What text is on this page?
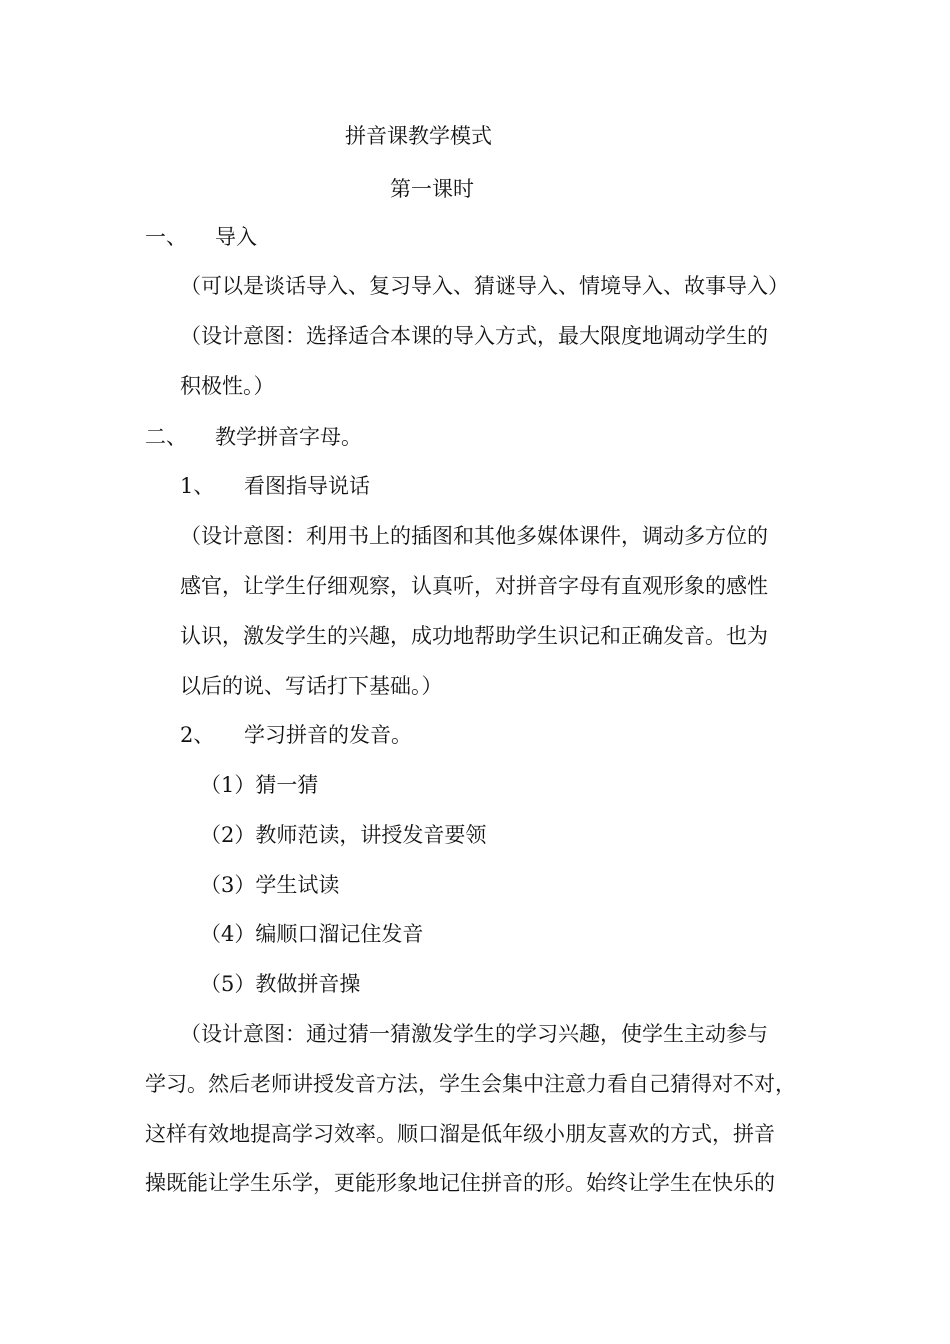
拼音课教学模式
第一课时
一、 导入
（可以是谈话导入、复习导入、猜谜导入、情境导入、故事导入）
（设计意图：选择适合本课的导入方式，最大限度地调动学生的
积极性。）
二、 教学拼音字母。
1、 看图指导说话
（设计意图：利用书上的插图和其他多媒体课件，调动多方位的
感官，让学生仔细观察，认真听，对拼音字母有直观形象的感性
认识，激发学生的兴趣，成功地帮助学生识记和正确发音。也为
以后的说、写话打下基础。）
2、 学习拼音的发音。
（1）猜一猜
（2）教师范读，讲授发音要领
（3）学生试读
（4）编顺口溜记住发音
（5）教做拼音操
（设计意图：通过猜一猜激发学生的学习兴趣，使学生主动参与
学习。然后老师讲授发音方法，学生会集中注意力看自己猜得对不对，
这样有效地提高学习效率。顺口溜是低年级小朋友喜欢的方式，拼音
操既能让学生乐学，更能形象地记住拼音的形。始终让学生在快乐的
